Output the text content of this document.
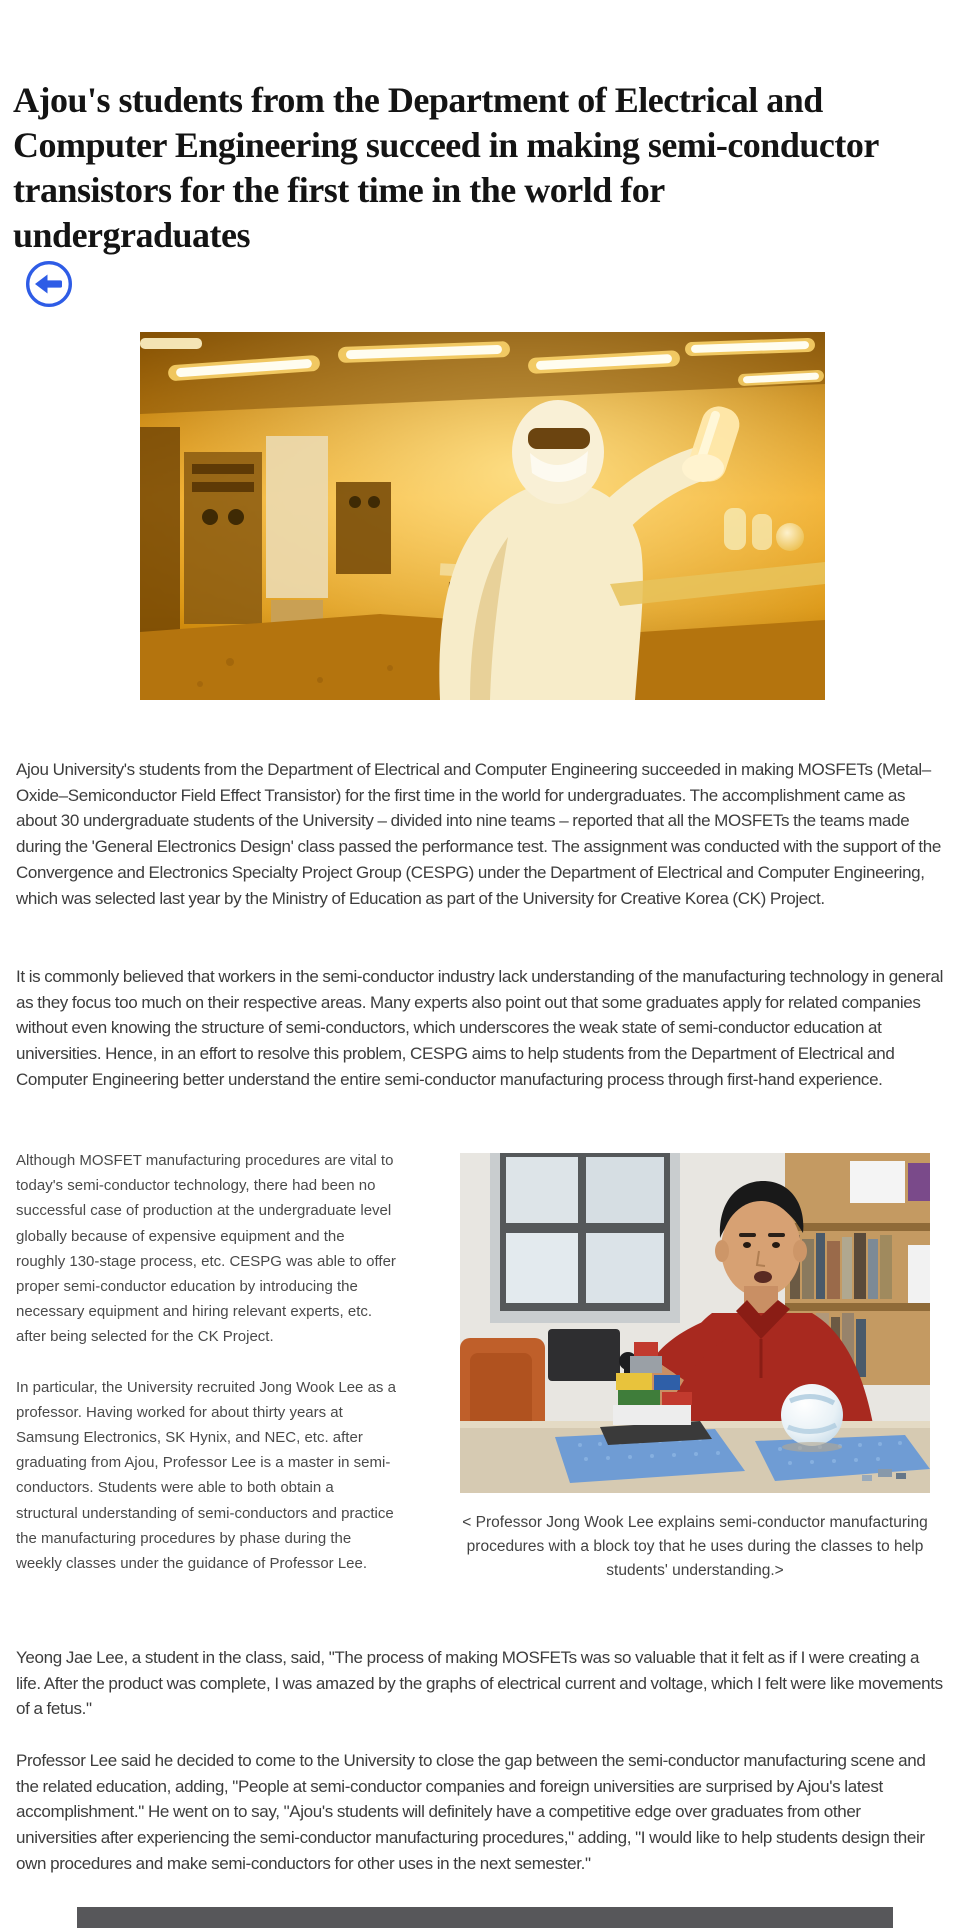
Ajou's students from the Department of Electrical and Computer Engineering succeed in making semi-conductor transistors for the first time in the world for undergraduates

Ajou University's students from the Department of Electrical and Computer Engineering succeeded in making MOSFETs (Metal–Oxide–Semiconductor Field Effect Transistor) for the first time in the world for undergraduates. The accomplishment came as about 30 undergraduate students of the University – divided into nine teams – reported that all the MOSFETs the teams made during the 'General Electronics Design' class passed the performance test. The assignment was conducted with the support of the Convergence and Electronics Specialty Project Group (CESPG) under the Department of Electrical and Computer Engineering, which was selected last year by the Ministry of Education as part of the University for Creative Korea (CK) Project.

It is commonly believed that workers in the semi-conductor industry lack understanding of the manufacturing technology in general as they focus too much on their respective areas. Many experts also point out that some graduates apply for related companies without even knowing the structure of semi-conductors, which underscores the weak state of semi-conductor education at universities. Hence, in an effort to resolve this problem, CESPG aims to help students from the Department of Electrical and Computer Engineering better understand the entire semi-conductor manufacturing process through first-hand experience.

Although MOSFET manufacturing procedures are vital to today's semi-conductor technology, there had been no successful case of production at the undergraduate level globally because of expensive equipment and the roughly 130-stage process, etc. CESPG was able to offer proper semi-conductor education by introducing the necessary equipment and hiring relevant experts, etc. after being selected for the CK Project.

In particular, the University recruited Jong Wook Lee as a professor. Having worked for about thirty years at Samsung Electronics, SK Hynix, and NEC, etc. after graduating from Ajou, Professor Lee is a master in semi-conductors. Students were able to both obtain a structural understanding of semi-conductors and practice the manufacturing procedures by phase during the weekly classes under the guidance of Professor Lee.

< Professor Jong Wook Lee explains semi-conductor manufacturing procedures with a block toy that he uses during the classes to help students' understanding.>

Yeong Jae Lee, a student in the class, said, "The process of making MOSFETs was so valuable that it felt as if I were creating a life. After the product was complete, I was amazed by the graphs of electrical current and voltage, which I felt were like movements of a fetus."

Professor Lee said he decided to come to the University to close the gap between the semi-conductor manufacturing scene and the related education, adding, "People at semi-conductor companies and foreign universities are surprised by Ajou's latest accomplishment." He went on to say, "Ajou's students will definitely have a competitive edge over graduates from other universities after experiencing the semi-conductor manufacturing procedures," adding, "I would like to help students design their own procedures and make semi-conductors for other uses in the next semester."
